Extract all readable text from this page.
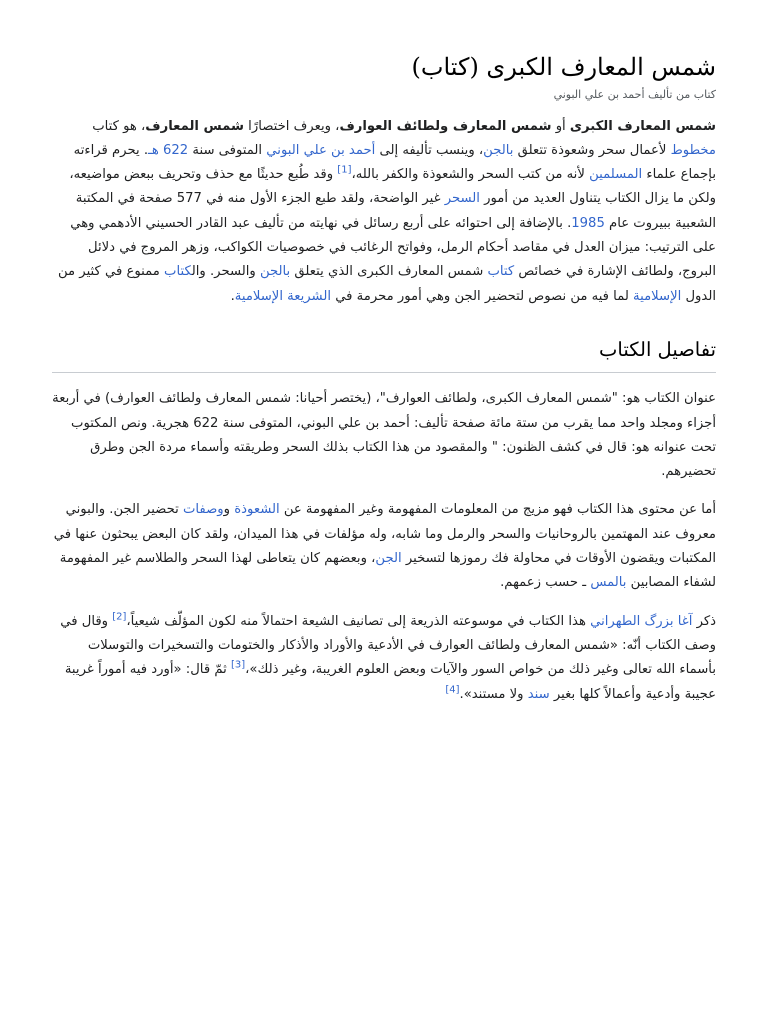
شمس المعارف الكبرى (كتاب)
كتاب من تأليف أحمد بن علي البوني

شمس المعارف الكبرى أو شمس المعارف ولطائف العوارف، ويعرف اختصارًا شمس المعارف، هو كتاب مخطوط لأعمال سحر وشعوذة تتعلق بالجن، وينسب تأليفه إلى أحمد بن علي البوني المتوفى سنة 622 هـ. يحرم قراءته بإجماع علماء المسلمين لأنه من كتب السحر والشعوذة والكفر بالله،[1] وقد طُبع حديثًا مع حذف وتحريف ببعض مواضيعه، ولكن ما يزال الكتاب يتناول العديد من أمور السحر غير الواضحة، ولقد طبع الجزء الأول منه في 577 صفحة في المكتبة الشعبية ببيروت عام 1985. بالإضافة إلى احتوائه على أربع رسائل في نهايته من تأليف عبد القادر الحسيني الأدهمي وهي على الترتيب: ميزان العدل في مقاصد أحكام الرمل، وفواتح الرغائب في خصوصيات الكواكب، وزهر المروج في دلائل البروج، ولطائف الإشارة في خصائص كتاب شمس المعارف الكبرى الذي يتعلق بالجن والسحر. والكتاب ممنوع في كثير من الدول الإسلامية لما فيه من نصوص لتحضير الجن وهي أمور محرمة في الشريعة الإسلامية.

تفاصيل الكتاب

عنوان الكتاب هو: "شمس المعارف الكبرى، ولطائف العوارف"، (يختصر أحيانا: شمس المعارف ولطائف العوارف) في أربعة أجزاء ومجلد واحد مما يقرب من ستة مائة صفحة تأليف: أحمد بن علي البوني، المتوفى سنة 622 هجرية. ونص المكتوب تحت عنوانه هو: قال في كشف الظنون: " والمقصود من هذا الكتاب بذلك السحر وطريقته وأسماء مردة الجن وطرق تحضيرهم.

أما عن محتوى هذا الكتاب فهو مزيج من المعلومات المفهومة وغير المفهومة عن الشعوذة ووصفات تحضير الجن. والبوني معروف عند المهتمين بالروحانيات والسحر والرمل وما شابه، وله مؤلفات في هذا الميدان، ولقد كان البعض يبحثون عنها في المكتبات ويقضون الأوقات في محاولة فك رموزها لتسخير الجن، وبعضهم كان يتعاطى لهذا السحر والطلاسم غير المفهومة لشفاء المصابين بالمس ـ حسب زعمهم.

ذكر آغا بزرگ الطهراني هذا الكتاب في موسوعته الذريعة إلى تصانيف الشيعة احتمالاً منه لكون المؤلّف شيعياً،[2] وقال في وصف الكتاب أنّه: «شمس المعارف ولطائف العوارف في الأدعية والأوراد والأذكار والختومات والتسخيرات والتوسلات بأسماء الله تعالى وغير ذلك من خواص السور والآيات وبعض العلوم الغريبة، وغير ذلك»،[3] ثمّ قال: «أورد فيه أموراً غريبة عجيبة وأدعية وأعمالاً كلها بغير سند ولا مستند».[4]
